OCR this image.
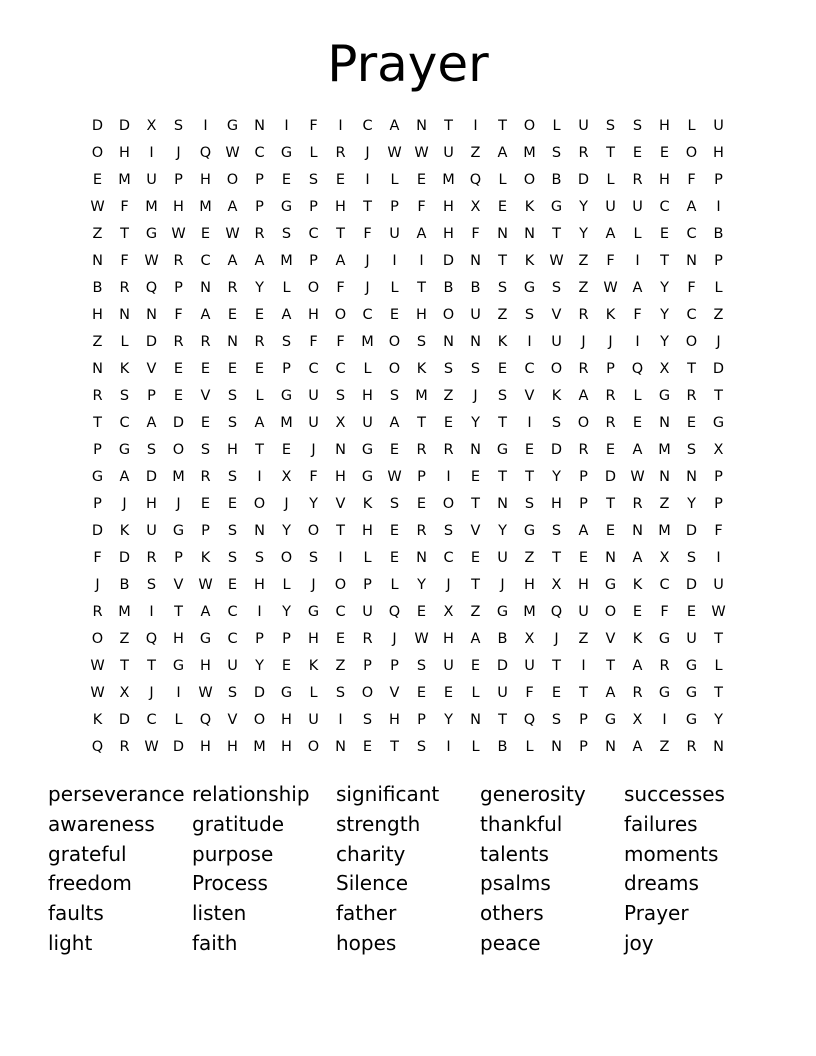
Prayer
D	D	X	S	I	G	N	I	F	I	C	A	N	T	I	T	O	L	U	S	S	H	L	U
O	H	I	J	Q W	C	G	L	R	J	W W	U	Z	A	M	S	R	T	E	E	O	H
E	M	U	P	H	O	P	E	S	E	I	L	E	M	Q	L	O	B	D	L	R	H	F	P
W	F	M	H	M	A	P	G	P	H	T	P	F	H	X	E	K	G	Y	U	U	C	A	I
Z	T	G W	E	W	R	S	C	T	F	U	A	H	F	N	N	T	Y	A	L	E	C	B
N	F	W	R	C	A	A	M	P	A	J	I	I	D	N	T	K	W	Z	F	I	T	N	P
B	R	Q	P	N	R	Y	L	O	F	J	L	T	B	B	S	G	S	Z	W	A	Y	F	L
H	N	N	F	A	E	E	A	H	O	C	E	H	O	U	Z	S	V	R	K	F	Y	C	Z
Z	L	D	R	R	N	R	S	F	F	M	O	S	N	N	K	I	U	J	J	I	Y	O	J
N	K	V	E	E	E	E	P	C	C	L	O	K	S	S	E	C	O	R	P	Q	X	T	D
R	S	P	E	V	S	L	G	U	S	H	S	M	Z	J	S	V	K	A	R	L	G	R	T
T	C	A	D	E	S	A	M	U	X	U	A	T	E	Y	T	I	S	O	R	E	N	E	G
P	G	S	O	S	H	T	E	J	N	G	E	R	R	N	G	E	D	R	E	A	M	S	X
G	A	D	M	R	S	I	X	F	H	G W	P	I	E	T	T	Y	P	D W N	N	P
P	J	H	J	E	E	O	J	Y	V	K	S	E	O	T	N	S	H	P	T	R	Z	Y	P
D	K	U	G	P	S	N	Y	O	T	H	E	R	S	V	Y	G	S	A	E	N	M	D	F
F	D	R	P	K	S	S	O	S	I	L	E	N	C	E	U	Z	T	E	N	A	X	S	I
J	B	S	V	W	E	H	L	J	O	P	L	Y	J	T	J	H	X	H	G	K	C	D	U
R	M	I	T	A	C	I	Y	G	C	U	Q	E	X	Z	G	M	Q	U	O	E	F	E	W
O	Z	Q	H	G	C	P	P	H	E	R	J	W H	A	B	X	J	Z	V	K	G	U	T
W	T	T	G	H	U	Y	E	K	Z	P	P	S	U	E	D	U	T	I	T	A	R	G	L
W	X	J	I	W	S	D	G	L	S	O	V	E	E	L	U	F	E	T	A	R	G	G	T
K	D	C	L	Q	V	O	H	U	I	S	H	P	Y	N	T	Q	S	P	G	X	I	G	Y
Q	R	W D	H	H	M	H	O	N	E	T	S	I	L	B	L	N	P	N	A	Z	R	N
perseverance relationship	significant	generosity	successes
awareness	gratitude	strength	thankful	failures
grateful	purpose	charity	talents	moments
freedom	Process	Silence	psalms	dreams
faults	listen	father	others	Prayer
light	faith	hopes	peace	joy
